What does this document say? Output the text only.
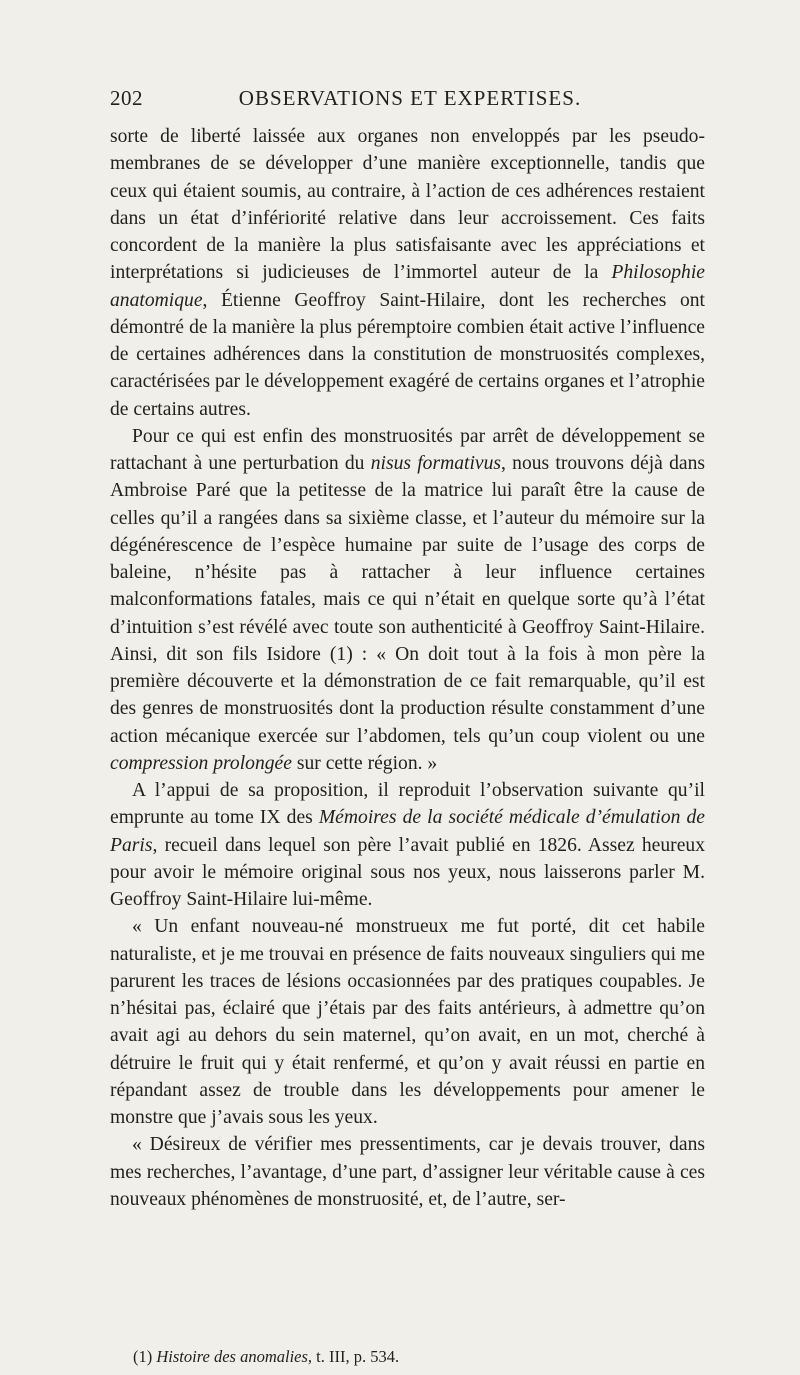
202	OBSERVATIONS ET EXPERTISES.

sorte de liberté laissée aux organes non enveloppés par les pseudo-membranes de se développer d’une manière exceptionnelle, tandis que ceux qui étaient soumis, au contraire, à l’action de ces adhérences restaient dans un état d’infériorité relative dans leur accroissement. Ces faits concordent de la manière la plus satisfaisante avec les appréciations et interprétations si judicieuses de l’immortel auteur de la Philosophie anatomique, Étienne Geoffroy Saint-Hilaire, dont les recherches ont démontré de la manière la plus péremptoire combien était active l’influence de certaines adhérences dans la constitution de monstruosités complexes, caractérisées par le développement exagéré de certains organes et l’atrophie de certains autres.

Pour ce qui est enfin des monstruosités par arrêt de développement se rattachant à une perturbation du nisus formativus, nous trouvons déjà dans Ambroise Paré que la petitesse de la matrice lui paraît être la cause de celles qu’il a rangées dans sa sixième classe, et l’auteur du mémoire sur la dégénérescence de l’espèce humaine par suite de l’usage des corps de baleine, n’hésite pas à rattacher à leur influence certaines malconformations fatales, mais ce qui n’était en quelque sorte qu’à l’état d’intuition s’est révélé avec toute son authenticité à Geoffroy Saint-Hilaire. Ainsi, dit son fils Isidore (1) : « On doit tout à la fois à mon père la première découverte et la démonstration de ce fait remarquable, qu’il est des genres de monstruosités dont la production résulte constamment d’une action mécanique exercée sur l’abdomen, tels qu’un coup violent ou une compression prolongée sur cette région. »

A l’appui de sa proposition, il reproduit l’observation suivante qu’il emprunte au tome IX des Mémoires de la société médicale d’émulation de Paris, recueil dans lequel son père l’avait publié en 1826. Assez heureux pour avoir le mémoire original sous nos yeux, nous laisserons parler M. Geoffroy Saint-Hilaire lui-même.

« Un enfant nouveau-né monstrueux me fut porté, dit cet habile naturaliste, et je me trouvai en présence de faits nouveaux singuliers qui me parurent les traces de lésions occasionnées par des pratiques coupables. Je n’hésitai pas, éclairé que j’étais par des faits antérieurs, à admettre qu’on avait agi au dehors du sein maternel, qu’on avait, en un mot, cherché à détruire le fruit qui y était renfermé, et qu’on y avait réussi en partie en répandant assez de trouble dans les développements pour amener le monstre que j’avais sous les yeux.

« Désireux de vérifier mes pressentiments, car je devais trouver, dans mes recherches, l’avantage, d’une part, d’assigner leur véritable cause à ces nouveaux phénomènes de monstruosité, et, de l’autre, ser-

(1) Histoire des anomalies, t. III, p. 534.
